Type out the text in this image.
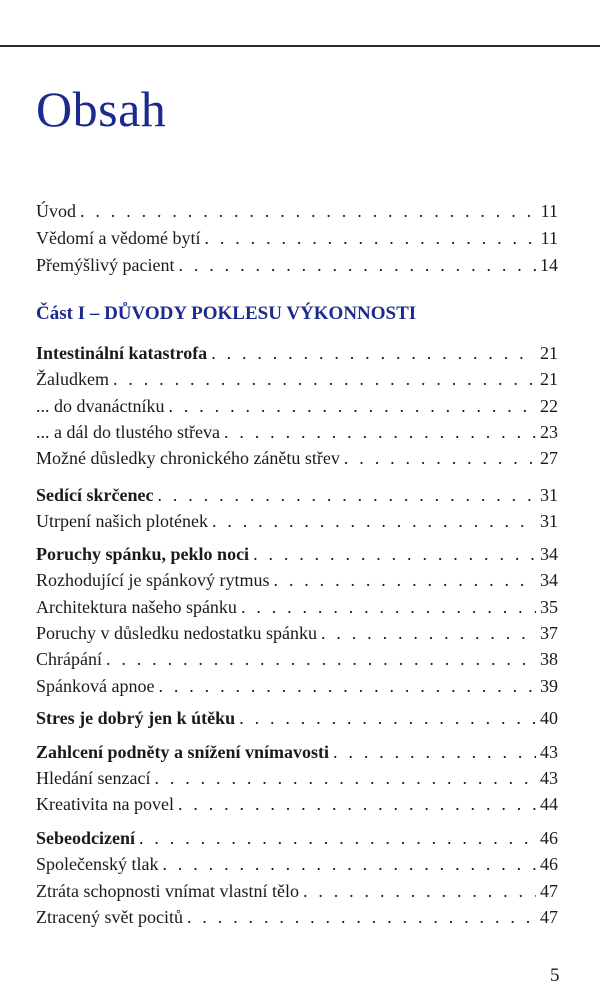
Obsah
Úvod . . .	11
Vědomí a vědomé bytí . . .	11
Přemýšlivý pacient . . .	14
Část I – DŮVODY POKLESU VÝKONNOSTI
Intestinální katastrofa . . .	21
Žaludkem . . .	21
... do dvanáctníku . . .	22
... a dál do tlustého střeva . . .	23
Možné důsledky chronického zánětu střev . . .	27
Sedící skrčenec . . .	31
Utrpení našich plotének . . .	31
Poruchy spánku, peklo noci . . .	34
Rozhodující je spánkový rytmus . . .	34
Architektura našeho spánku . . .	35
Poruchy v důsledku nedostatku spánku . . .	37
Chrápání . . .	38
Spánková apnoe . . .	39
Stres je dobrý jen k útěku . . .	40
Zahlcení podněty a snížení vnímavosti . . .	43
Hledání senzací . . .	43
Kreativita na povel . . .	44
Sebeodcizení . . .	46
Společenský tlak . . .	46
Ztráta schopnosti vnímat vlastní tělo . . .	47
Ztracený svět pocitů . . .	47
5
